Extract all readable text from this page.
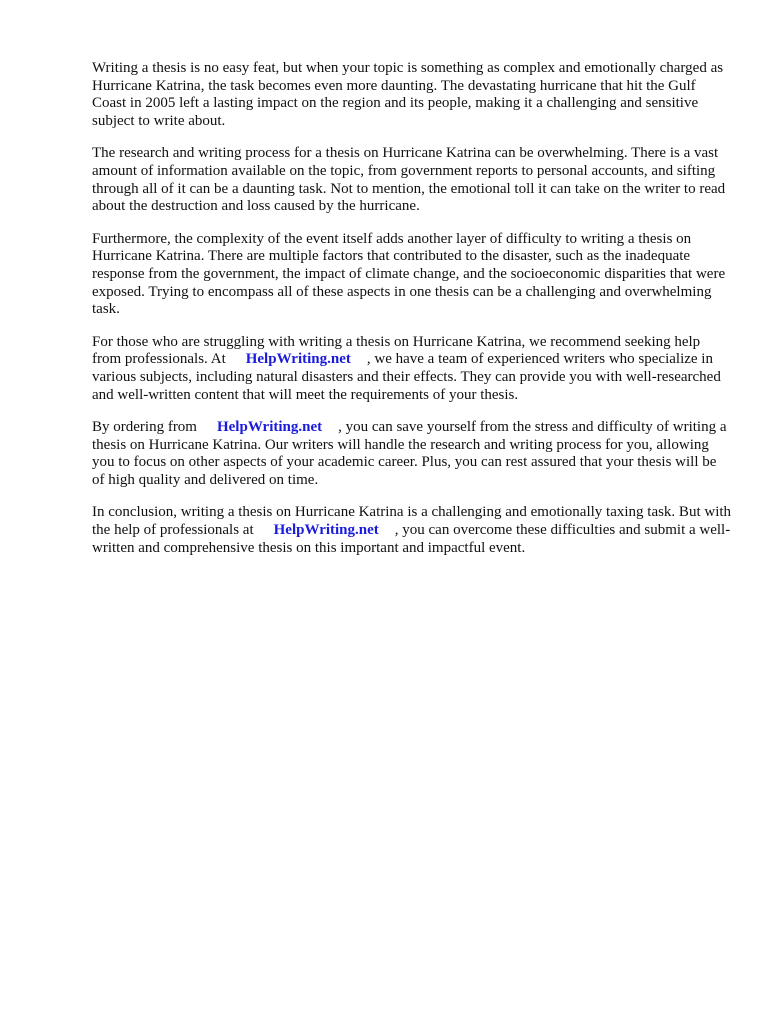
Writing a thesis is no easy feat, but when your topic is something as complex and emotionally charged as Hurricane Katrina, the task becomes even more daunting. The devastating hurricane that hit the Gulf Coast in 2005 left a lasting impact on the region and its people, making it a challenging and sensitive subject to write about.

The research and writing process for a thesis on Hurricane Katrina can be overwhelming. There is a vast amount of information available on the topic, from government reports to personal accounts, and sifting through all of it can be a daunting task. Not to mention, the emotional toll it can take on the writer to read about the destruction and loss caused by the hurricane.

Furthermore, the complexity of the event itself adds another layer of difficulty to writing a thesis on Hurricane Katrina. There are multiple factors that contributed to the disaster, such as the inadequate response from the government, the impact of climate change, and the socioeconomic disparities that were exposed. Trying to encompass all of these aspects in one thesis can be a challenging and overwhelming task.

For those who are struggling with writing a thesis on Hurricane Katrina, we recommend seeking help from professionals. At HelpWriting.net , we have a team of experienced writers who specialize in various subjects, including natural disasters and their effects. They can provide you with well-researched and well-written content that will meet the requirements of your thesis.

By ordering from HelpWriting.net , you can save yourself from the stress and difficulty of writing a thesis on Hurricane Katrina. Our writers will handle the research and writing process for you, allowing you to focus on other aspects of your academic career. Plus, you can rest assured that your thesis will be of high quality and delivered on time.

In conclusion, writing a thesis on Hurricane Katrina is a challenging and emotionally taxing task. But with the help of professionals at HelpWriting.net , you can overcome these difficulties and submit a well-written and comprehensive thesis on this important and impactful event.
